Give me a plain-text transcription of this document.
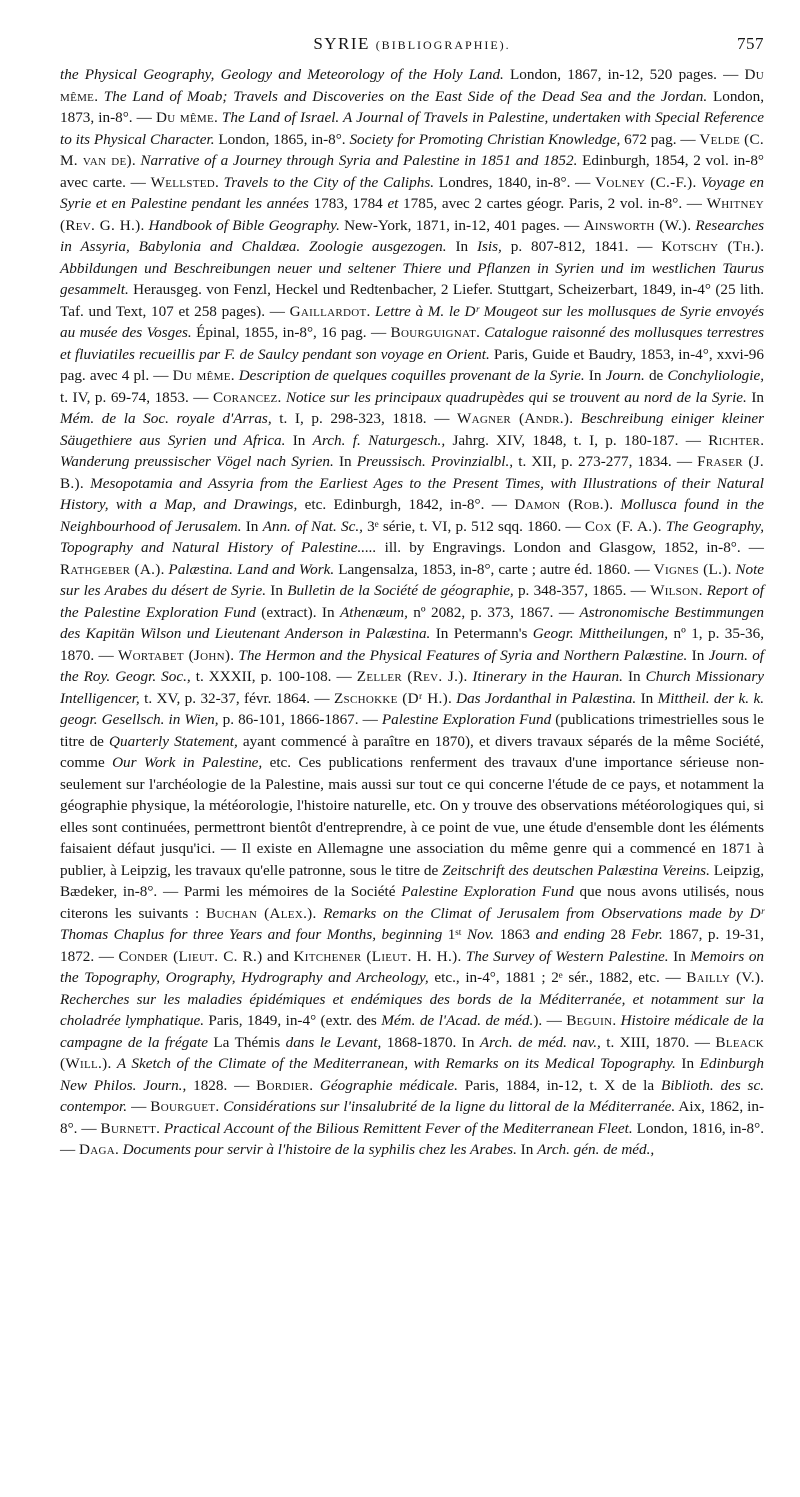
SYRIE (BIBLIOGRAPHIE).	757

the Physical Geography, Geology and Meteorology of the Holy Land. London, 1867, in-12, 520 pages. — Du même. The Land of Moab; Travels and Discoveries on the East Side of the Dead Sea and the Jordan. London, 1873, in-8°. — Du même. The Land of Israel. A Journal of Travels in Palestine, undertaken with Special Reference to its Physical Character. London, 1865, in-8°. Society for Promoting Christian Knowledge, 672 pag. — Velde (C. M. van de). Narrative of a Journey through Syria and Palestine in 1851 and 1852. Edinburgh, 1854, 2 vol. in-8° avec carte. — Wellsted. Travels to the City of the Caliphs. Londres, 1840, in-8°. — Volney (C.-F.). Voyage en Syrie et en Palestine pendant les années 1783, 1784 et 1785, avec 2 cartes géogr. Paris, 2 vol. in-8°. — Whitney (Rev. G. H.). Handbook of Bible Geography. New-York, 1871, in-12, 401 pages. — Ainsworth (W.). Researches in Assyria, Babylonia and Chaldæa. Zoologie ausgezogen. In Isis, p. 807-812, 1841. — Kotschy (Th.). Abbildungen und Beschreibungen neuer und seltener Thiere und Pflanzen in Syrien und im westlichen Taurus gesammelt. Herausgeg. von Fenzl, Heckel und Redtenbacher, 2 Liefer. Stuttgart, Scheizerbart, 1849, in-4° (25 lith. Taf. und Text, 107 et 258 pages). — Gaillardot. Lettre à M. le Dʳ Mougeot sur les mollusques de Syrie envoyés au musée des Vosges. Épinal, 1855, in-8°, 16 pag. — Bourguignat. Catalogue raisonné des mollusques terrestres et fluviatiles recueillis par F. de Saulcy pendant son voyage en Orient. Paris, Guide et Baudry, 1853, in-4°, xxvi-96 pag. avec 4 pl. — Du même. Description de quelques coquilles provenant de la Syrie. In Journ. de Conchyliologie, t. IV, p. 69-74, 1853. — Corancez. Notice sur les principaux quadrupèdes qui se trouvent au nord de la Syrie. In Mém. de la Soc. royale d'Arras, t. I, p. 298-323, 1818. — Wagner (Andr.). Beschreibung einiger kleiner Säugethiere aus Syrien und Africa. In Arch. f. Naturgesch., Jahrg. XIV, 1848, t. I, p. 180-187. — Richter. Wanderung preussischer Vögel nach Syrien. In Preussisch. Provinzialbl., t. XII, p. 273-277, 1834. — Fraser (J. B.). Mesopotamia and Assyria from the Earliest Ages to the Present Times, with Illustrations of their Natural History, with a Map, and Drawings, etc. Edinburgh, 1842, in-8°. — Damon (Rob.). Mollusca found in the Neighbourhood of Jerusalem. In Ann. of Nat. Sc., 3ᵉ série, t. VI, p. 512 sqq. 1860. — Cox (F. A.). The Geography, Topography and Natural History of Palestine..... ill. by Engravings. London and Glasgow, 1852, in-8°. — Rathgeber (A.). Palæstina. Land and Work. Langensalza, 1853, in-8°, carte ; autre éd. 1860. — Vignes (L.). Note sur les Arabes du désert de Syrie. In Bulletin de la Société de géographie, p. 348-357, 1865. — Wilson. Report of the Palestine Exploration Fund (extract). In Athenæum, nº 2082, p. 373, 1867. — Astronomische Bestimmungen des Kapitän Wilson und Lieutenant Anderson in Palæstina. In Petermann's Geogr. Mittheilungen, nº 1, p. 35-36, 1870. — Wortabet (John). The Hermon and the Physical Features of Syria and Northern Palæstine. In Journ. of the Roy. Geogr. Soc., t. XXXII, p. 100-108. — Zeller (Rev. J.). Itinerary in the Hauran. In Church Missionary Intelligencer, t. XV, p. 32-37, févr. 1864. — Zschokke (Dʳ H.). Das Jordanthal in Palæstina. In Mittheil. der k. k. geogr. Gesellsch. in Wien, p. 86-101, 1866-1867. — Palestine Exploration Fund (publications trimestrielles sous le titre de Quarterly Statement, ayant commencé à paraître en 1870), et divers travaux séparés de la même Société, comme Our Work in Palestine, etc. Ces publications renferment des travaux d'une importance sérieuse non-seulement sur l'archéologie de la Palestine, mais aussi sur tout ce qui concerne l'étude de ce pays, et notamment la géographie physique, la météorologie, l'histoire naturelle, etc. On y trouve des observations météorologiques qui, si elles sont continuées, permettront bientôt d'entreprendre, à ce point de vue, une étude d'ensemble dont les éléments faisaient défaut jusqu'ici. — Il existe en Allemagne une association du même genre qui a commencé en 1871 à publier, à Leipzig, les travaux qu'elle patronne, sous le titre de Zeitschrift des deutschen Palæstina Vereins. Leipzig, Bædeker, in-8°. — Parmi les mémoires de la Société Palestine Exploration Fund que nous avons utilisés, nous citerons les suivants : Buchan (Alex.). Remarks on the Climat of Jerusalem from Observations made by Dʳ Thomas Chaplus for three Years and four Months, beginning 1ˢᵗ Nov. 1863 and ending 28 Febr. 1867, p. 19-31, 1872. — Conder (Lieut. C. R.) and Kitchener (Lieut. H. H.). The Survey of Western Palestine. In Memoirs on the Topography, Orography, Hydrography and Archeology, etc., in-4°, 1881 ; 2ᵉ sér., 1882, etc. — Bailly (V.). Recherches sur les maladies épidémiques et endémiques des bords de la Méditerranée, et notamment sur la choladrée lymphatique. Paris, 1849, in-4° (extr. des Mém. de l'Acad. de méd.). — Beguin. Histoire médicale de la campagne de la frégate La Thémis dans le Levant, 1868-1870. In Arch. de méd. nav., t. XIII, 1870. — Bleack (Will.). A Sketch of the Climate of the Mediterranean, with Remarks on its Medical Topography. In Edinburgh New Philos. Journ., 1828. — Bordier. Géographie médicale. Paris, 1884, in-12, t. X de la Biblioth. des sc. contempor. — Bourguet. Considérations sur l'insalubrité de la ligne du littoral de la Méditerranée. Aix, 1862, in-8°. — Burnett. Practical Account of the Bilious Remittent Fever of the Mediterranean Fleet. London, 1816, in-8°. — Daga. Documents pour servir à l'histoire de la syphilis chez les Arabes. In Arch. gén. de méd.,
